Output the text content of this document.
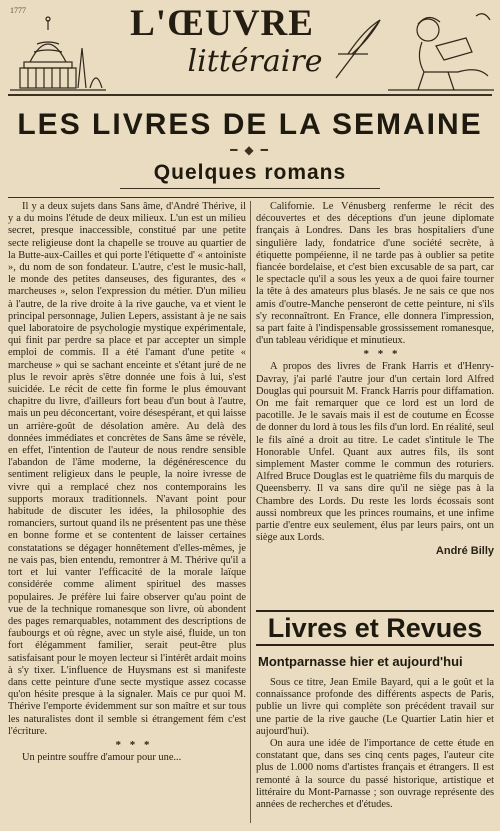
1777	L'ŒUVRE
littéraire
LES LIVRES DE LA SEMAINE
━ ◆ ━
Quelques romans

Il y a deux sujets dans Sans âme, d'André Thérive, il y a du moins l'étude de deux milieux. L'un est un milieu secret, presque inaccessible, constitué par une petite secte religieuse dont la chapelle se trouve au quartier de la Butte-aux-Cailles et qui porte l'étiquette d' « antoiniste », du nom de son fondateur. L'autre, c'est le music-hall, le monde des petites danseuses, des figurantes, des « marcheuses », selon l'expression du métier. D'un milieu à l'autre, de la rive droite à la rive gauche, va et vient le principal personnage, Julien Lepers, assistant à je ne sais quel laboratoire de psychologie mystique expérimentale, qui finit par perdre sa place et par accepter un simple emploi de commis. Il a été l'amant d'une petite « marcheuse » qui se sachant enceinte et s'étant juré de ne plus le revoir après s'être donnée une fois à lui, s'est suicidée. Le récit de cette fin forme le plus émouvant chapitre du livre, d'ailleurs fort beau d'un bout à l'autre, mais un peu déconcertant, voire désespérant, et qui laisse un arrière-goût de désolation amère. Au delà des données immédiates et concrètes de Sans âme se révèle, en effet, l'intention de l'auteur de nous rendre sensible l'abandon de l'âme moderne, la dégénérescence du sentiment religieux dans le peuple, la noire ivresse de vivre qui a remplacé chez nos contemporains les supports moraux traditionnels. N'avant point pour habitude de discuter les idées, la philosophie des romanciers, surtout quand ils ne présentent pas une thèse en bonne forme et se contentent de laisser certaines constatations se dégager honnêtement d'elles-mêmes, je ne vais pas, bien entendu, remontrer à M. Thérive qu'il a tort et lui vanter l'efficacité de la morale laïque considérée comme aliment spirituel des masses populaires. Je préfère lui faire observer qu'au point de vue de la technique romanesque son livre, où abondent des pages remarquables, notamment des descriptions de faubourgs et où règne, avec un style aisé, fluide, un ton fort élégamment familier, serait peut-être plus satisfaisant pour le moyen lecteur si l'intérêt ardait moins à s'y tixer. L'influence de Huysmans est si manifeste dans cette peinture d'une secte mystique assez cocasse qu'on hésite presque à la signaler. Mais ce pur quoi M. Thérive l'emporte évidemment sur son maître et sur tous les naturalistes dont il semble si étrangement fém c'est l'écriture.

* * *

Un peintre souffre d'amour pour une...

Californie. Le Vénusberg renferme le récit des découvertes et des déceptions d'un jeune diplomate français à Londres. Dans les bras hospitaliers d'une singulière lady, fondatrice d'une société secrète, à étiquette pompéienne, il ne tarde pas à oublier sa petite fiancée bordelaise, et c'est bien excusable de sa part, car le spectacle qu'il a sous les yeux a de quoi faire tourner la tête à des amateurs plus blasés. Je ne sais ce que nos amis d'outre-Manche penseront de cette peinture, ni s'ils s'y reconnaîtront. En France, elle donnera l'impression, sa part faite à l'indispensable grossissement romanesque, d'un tableau véridique et minutieux.

* * *

A propos des livres de Frank Harris et d'Henry-Davray, j'ai parlé l'autre jour d'un certain lord Alfred Douglas qui poursuit M. Franck Harris pour diffamation. On me fait remarquer que ce lord est un lord de pacotille. Je le savais mais il est de coutume en Écosse de donner du lord à tous les fils d'un lord. En réalité, seul le fils aîné a droit au titre. Le cadet s'intitule le The Honorable Unfel. Quant aux autres fils, ils sont simplement Master comme le commun des roturiers. Alfred Bruce Douglas est le quatrième fils du marquis de Queensberry. Il va sans dire qu'il ne siège pas à la Chambre des Lords. Du reste les lords écossais sont aussi nombreux que les princes roumains, et une infime partie d'entre eux seulement, élus par leurs pairs, ont un siège aux Lords.

André Billy

Livres et Revues
Montparnasse hier et aujourd'hui

Sous ce titre, Jean Émile Bayard, qui a le goût et la connaissance profonde des différents aspects de Paris, publie un livre qui complète son précédent travail sur une partie de la rive gauche (Le Quartier Latin hier et aujourd'hui).

On aura une idée de l'importance de cette étude en constatant que, dans ses cinq cents pages, l'auteur cite plus de 1.000 noms d'artistes français et étrangers. Il est remonté à la source du passé historique, artistique et littéraire du Mont-Parnasse ; son ouvrage représente des années de recherches et d'études.
